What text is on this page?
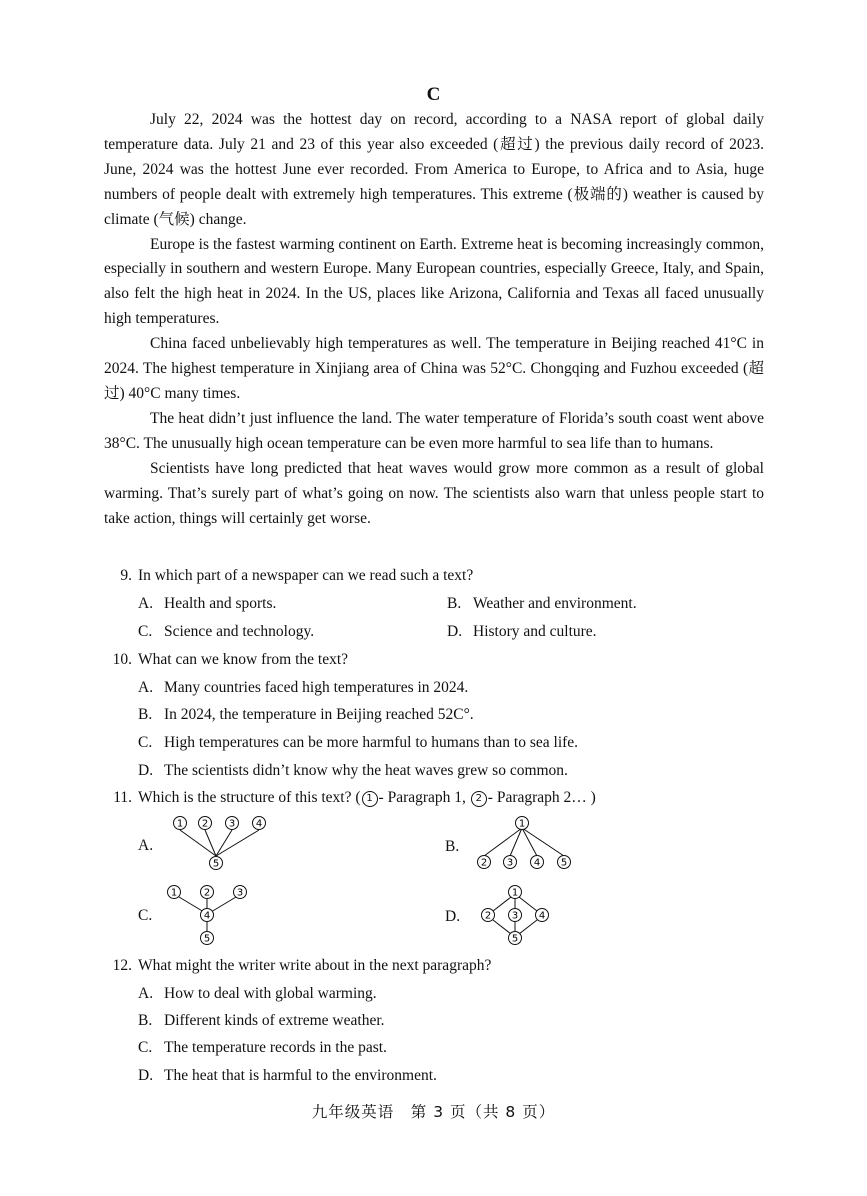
C

July 22, 2024 was the hottest day on record, according to a NASA report of global daily temperature data. July 21 and 23 of this year also exceeded (超过) the previous daily record of 2023. June, 2024 was the hottest June ever recorded. From America to Europe, to Africa and to Asia, huge numbers of people dealt with extremely high temperatures. This extreme (极端的) weather is caused by climate (气候) change.

Europe is the fastest warming continent on Earth. Extreme heat is becoming increasingly common, especially in southern and western Europe. Many European countries, especially Greece, Italy, and Spain, also felt the high heat in 2024. In the US, places like Arizona, California and Texas all faced unusually high temperatures.

China faced unbelievably high temperatures as well. The temperature in Beijing reached 41°C in 2024. The highest temperature in Xinjiang area of China was 52°C. Chongqing and Fuzhou exceeded (超过) 40°C many times.

The heat didn’t just influence the land. The water temperature of Florida’s south coast went above 38°C. The unusually high ocean temperature can be even more harmful to sea life than to humans.

Scientists have long predicted that heat waves would grow more common as a result of global warming. That’s surely part of what’s going on now. The scientists also warn that unless people start to take action, things will certainly get worse.

9. In which part of a newspaper can we read such a text?
A. Health and sports.	B. Weather and environment.
C. Science and technology.	D. History and culture.
10. What can we know from the text?
A. Many countries faced high temperatures in 2024.
B. In 2024, the temperature in Beijing reached 52C°.
C. High temperatures can be more harmful to humans than to sea life.
D. The scientists didn’t know why the heat waves grew so common.
11. Which is the structure of this text? ( 1 - Paragraph 1, 2 - Paragraph 2… )
A.
1 2 3 4
5
B.
1
2 3 4 5
C.
1	2	3
4
5
D.
1
2 3 4
5
12. What might the writer write about in the next paragraph?
A. How to deal with global warming.
B. Different kinds of extreme weather.
C. The temperature records in the past.
D. The heat that is harmful to the environment.
九年级英语　第 3 页（共 8 页）
